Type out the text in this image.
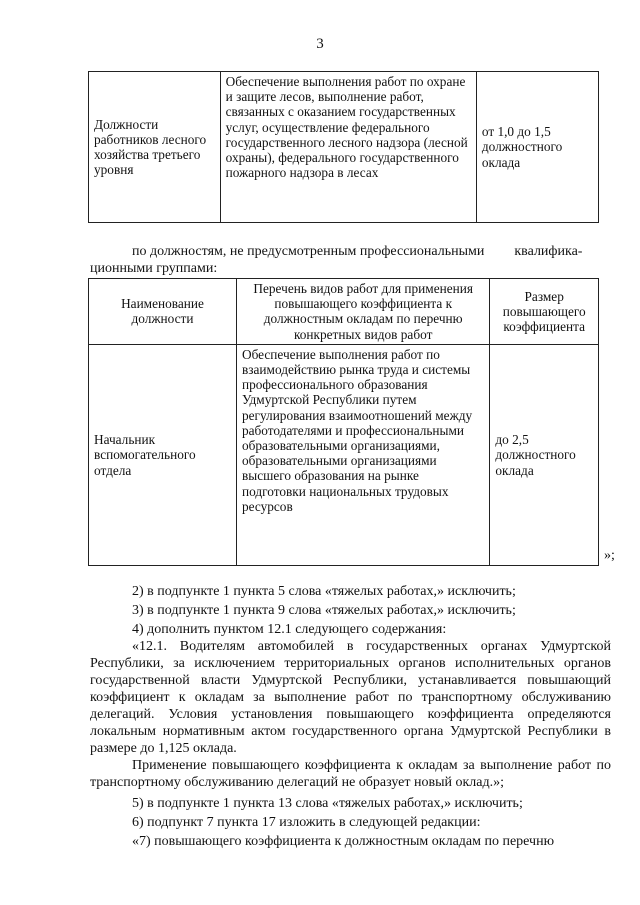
3
Должности работников лесного хозяйства третьего уровня	Обеспечение выполнения работ по охране и защите лесов, выполнение работ, связанных с оказанием государственных услуг, осуществление федерального государственного лесного надзора (лесной охраны), федерального государственного пожарного надзора в лесах	от 1,0 до 1,5 должностного оклада
по должностям, не предусмотренным профессиональными квалифика-
ционными группами:
Наименование должности	Перечень видов работ для применения повышающего коэффициента к должностным окладам по перечню конкретных видов работ	Размер повышающего коэффициента
Начальник вспомогательного отдела	Обеспечение выполнения работ по взаимодействию рынка труда и системы профессионального образования Удмуртской Республики путем регулирования взаимоотношений между работодателями и профессиональными образовательными организациями, образовательными организациями высшего образования на рынке подготовки национальных трудовых ресурсов	до 2,5 должностного оклада
»;
2) в подпункте 1 пункта 5 слова «тяжелых работах,» исключить;
3) в подпункте 1 пункта 9 слова «тяжелых работах,» исключить;
4) дополнить пунктом 12.1 следующего содержания:
«12.1. Водителям автомобилей в государственных органах Удмуртской Республики, за исключением территориальных органов исполнительных органов государственной власти Удмуртской Республики, устанавливается повышающий коэффициент к окладам за выполнение работ по транспортному обслуживанию делегаций. Условия установления повышающего коэффициента определяются локальным нормативным актом государственного органа Удмуртской Республики в размере до 1,125 оклада.
Применение повышающего коэффициента к окладам за выполнение работ по транспортному обслуживанию делегаций не образует новый оклад.»;
5) в подпункте 1 пункта 13 слова «тяжелых работах,» исключить;
6) подпункт 7 пункта 17 изложить в следующей редакции:
«7) повышающего коэффициента к должностным окладам по перечню
